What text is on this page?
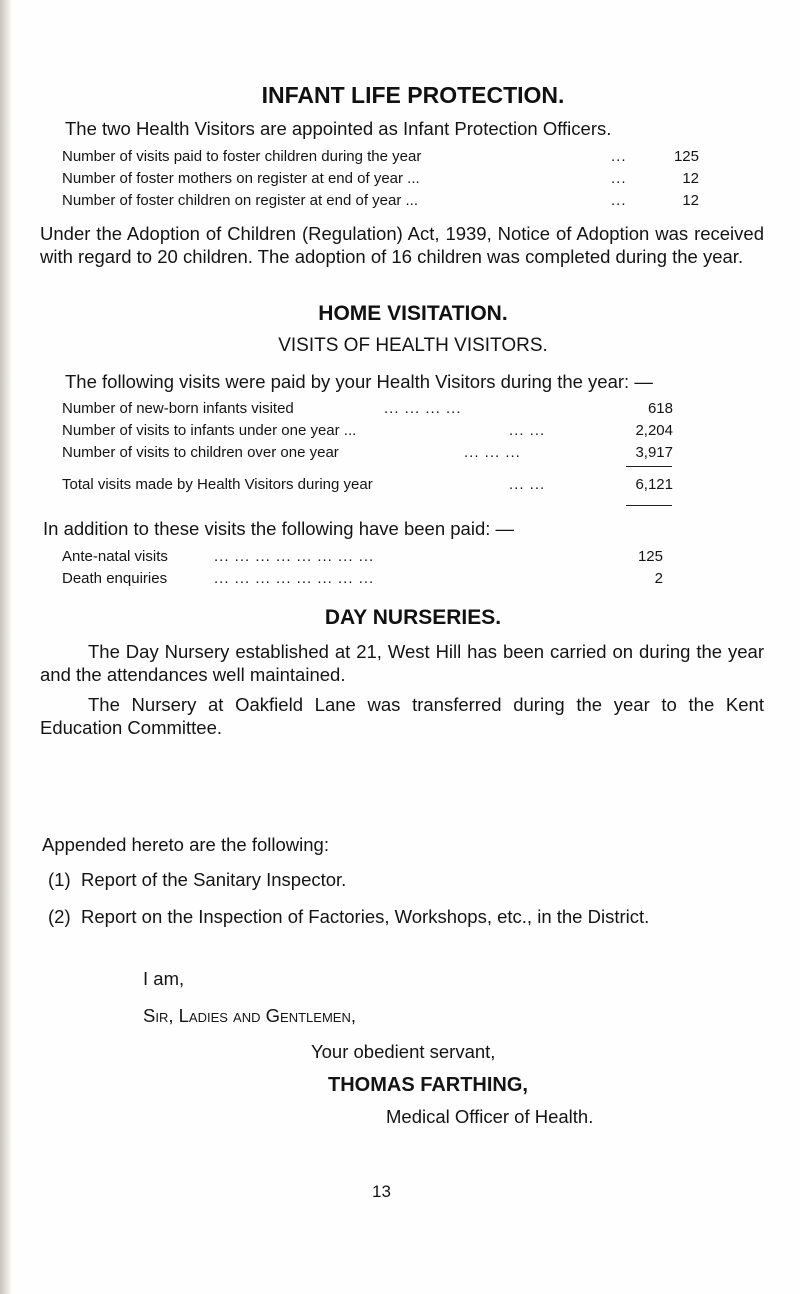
INFANT LIFE PROTECTION.

The two Health Visitors are appointed as Infant Protection Officers.

Number of visits paid to foster children during the year	...	125
Number of foster mothers on register at end of year ...	...	12
Number of foster children on register at end of year ...	...	12

Under the Adoption of Children (Regulation) Act, 1939, Notice of Adoption was received with regard to 20 children. The adoption of 16 children was completed during the year.

HOME VISITATION.
VISITS OF HEALTH VISITORS.

The following visits were paid by your Health Visitors during the year: —

Number of new-born infants visited	... ... ... ...	618
Number of visits to infants under one year ...	... ...	2,204
Number of visits to children over one year	... ... ...	3,917
Total visits made by Health Visitors during year	... ...	6,121

In addition to these visits the following have been paid: —

Ante-natal visits	... ... ... ... ... ... ... ...	125
Death enquiries	... ... ... ... ... ... ... ...	2
DAY NURSERIES.

The Day Nursery established at 21, West Hill has been carried on during the year and the attendances well maintained.

The Nursery at Oakfield Lane was transferred during the year to the Kent Education Committee.

Appended hereto are the following:

(1) Report of the Sanitary Inspector.
(2) Report on the Inspection of Factories, Workshops, etc., in the District.
I am,
Sir, Ladies and Gentlemen,
Your obedient servant,
THOMAS FARTHING,
Medical Officer of Health.
13
